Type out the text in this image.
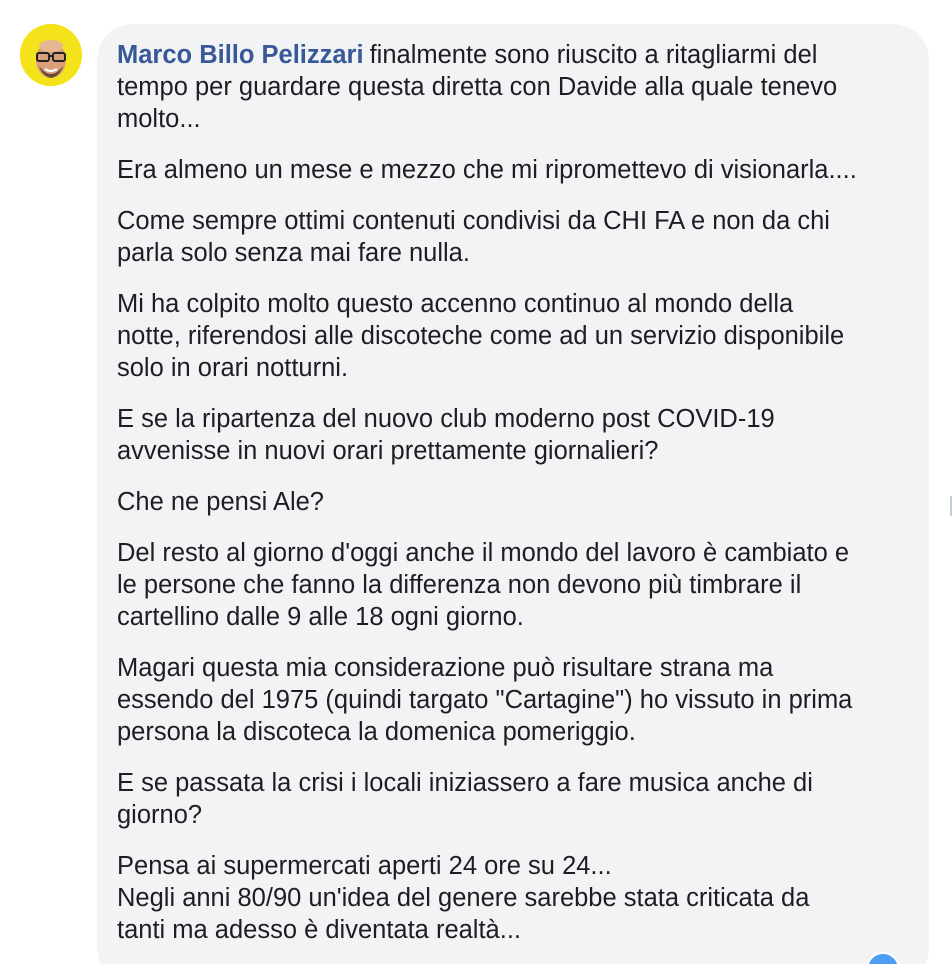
Marco Billo Pelizzari finalmente sono riuscito a ritagliarmi del
tempo per guardare questa diretta con Davide alla quale tenevo
molto...
Era almeno un mese e mezzo che mi ripromettevo di visionarla....
Come sempre ottimi contenuti condivisi da CHI FA e non da chi
parla solo senza mai fare nulla.
Mi ha colpito molto questo accenno continuo al mondo della
notte, riferendosi alle discoteche come ad un servizio disponibile
solo in orari notturni.
E se la ripartenza del nuovo club moderno post COVID-19
avvenisse in nuovi orari prettamente giornalieri?
Che ne pensi Ale?
Del resto al giorno d'oggi anche il mondo del lavoro è cambiato e
le persone che fanno la differenza non devono più timbrare il
cartellino dalle 9 alle 18 ogni giorno.
Magari questa mia considerazione può risultare strana ma
essendo del 1975 (quindi targato "Cartagine") ho vissuto in prima
persona la discoteca la domenica pomeriggio.
E se passata la crisi i locali iniziassero a fare musica anche di
giorno?
Pensa ai supermercati aperti 24 ore su 24...
Negli anni 80/90 un'idea del genere sarebbe stata criticata da
tanti ma adesso è diventata realtà...
